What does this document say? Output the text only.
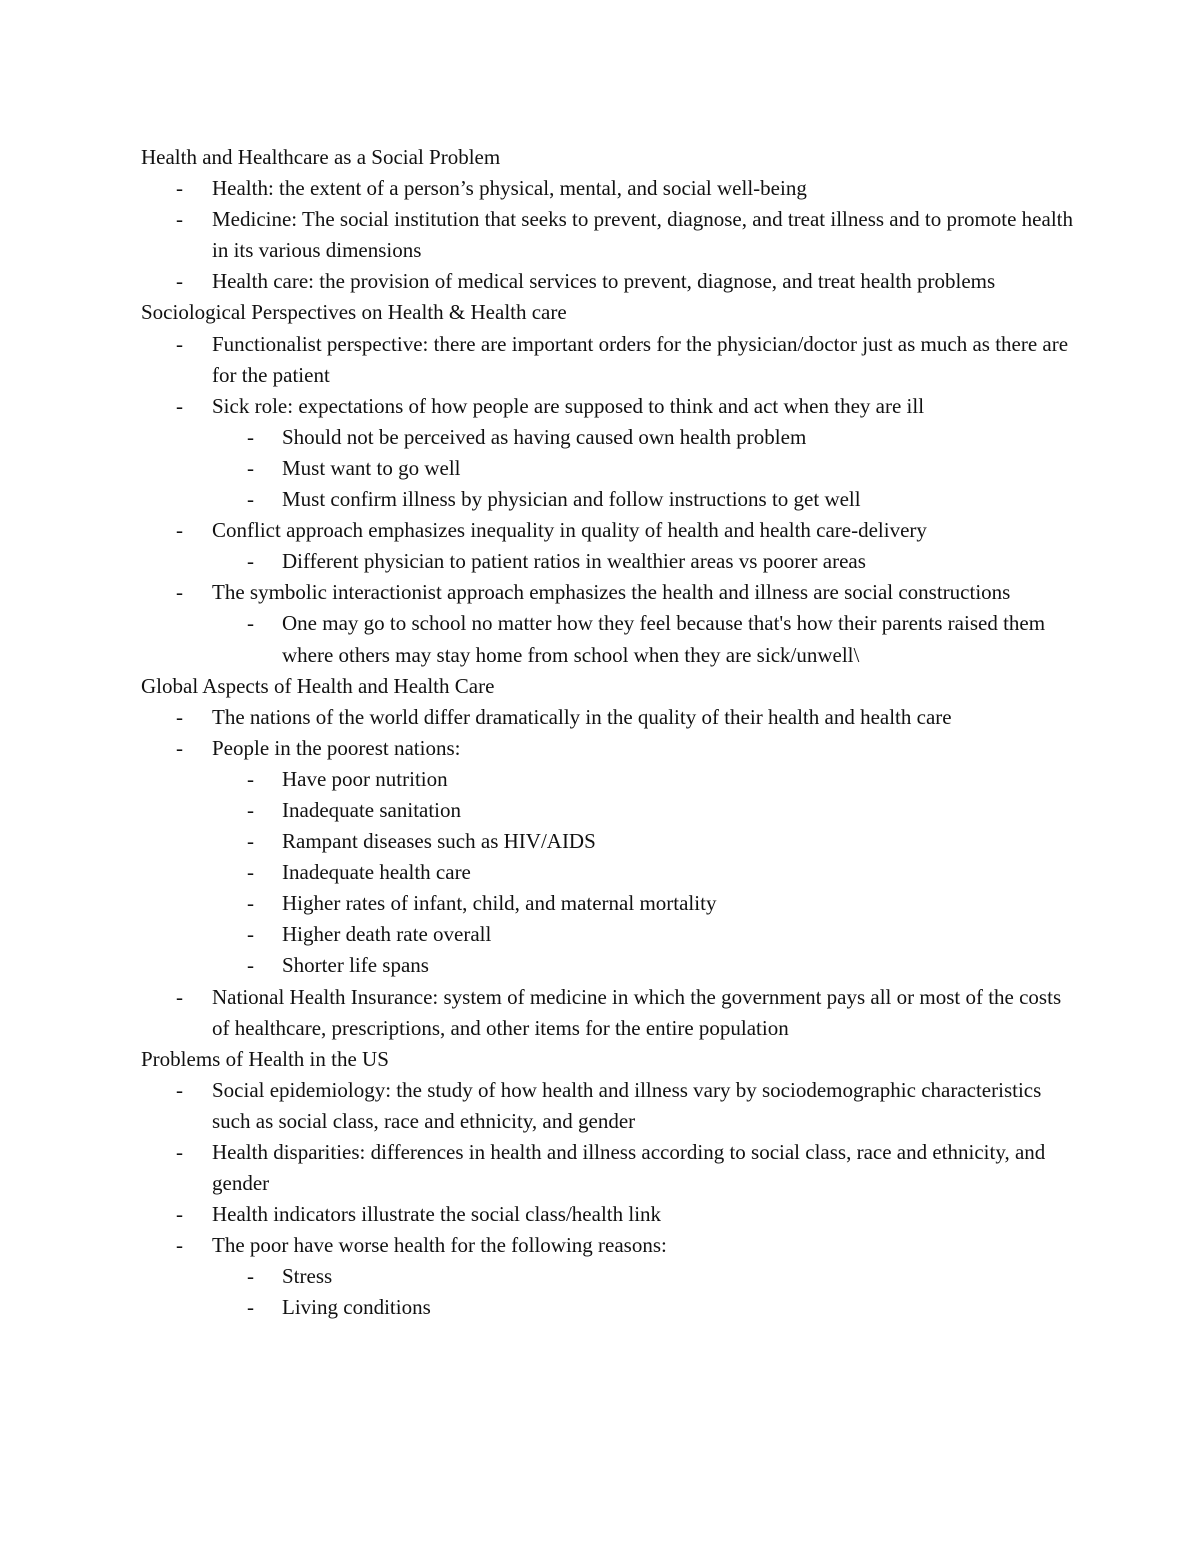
Health and Healthcare as a Social Problem
- Health: the extent of a person’s physical, mental, and social well-being
- Medicine: The social institution that seeks to prevent, diagnose, and treat illness and to promote health in its various dimensions
- Health care: the provision of medical services to prevent, diagnose, and treat health problems
Sociological Perspectives on Health & Health care
- Functionalist perspective: there are important orders for the physician/doctor just as much as there are for the patient
- Sick role: expectations of how people are supposed to think and act when they are ill
- Should not be perceived as having caused own health problem
- Must want to go well
- Must confirm illness by physician and follow instructions to get well
- Conflict approach emphasizes inequality in quality of health and health care-delivery
- Different physician to patient ratios in wealthier areas vs poorer areas
- The symbolic interactionist approach emphasizes the health and illness are social constructions
- One may go to school no matter how they feel because that's how their parents raised them where others may stay home from school when they are sick/unwell\
Global Aspects of Health and Health Care
- The nations of the world differ dramatically in the quality of their health and health care
- People in the poorest nations:
- Have poor nutrition
- Inadequate sanitation
- Rampant diseases such as HIV/AIDS
- Inadequate health care
- Higher rates of infant, child, and maternal mortality
- Higher death rate overall
- Shorter life spans
- National Health Insurance: system of medicine in which the government pays all or most of the costs of healthcare, prescriptions, and other items for the entire population
Problems of Health in the US
- Social epidemiology: the study of how health and illness vary by sociodemographic characteristics such as social class, race and ethnicity, and gender
- Health disparities: differences in health and illness according to social class, race and ethnicity, and gender
- Health indicators illustrate the social class/health link
- The poor have worse health for the following reasons:
- Stress
- Living conditions
